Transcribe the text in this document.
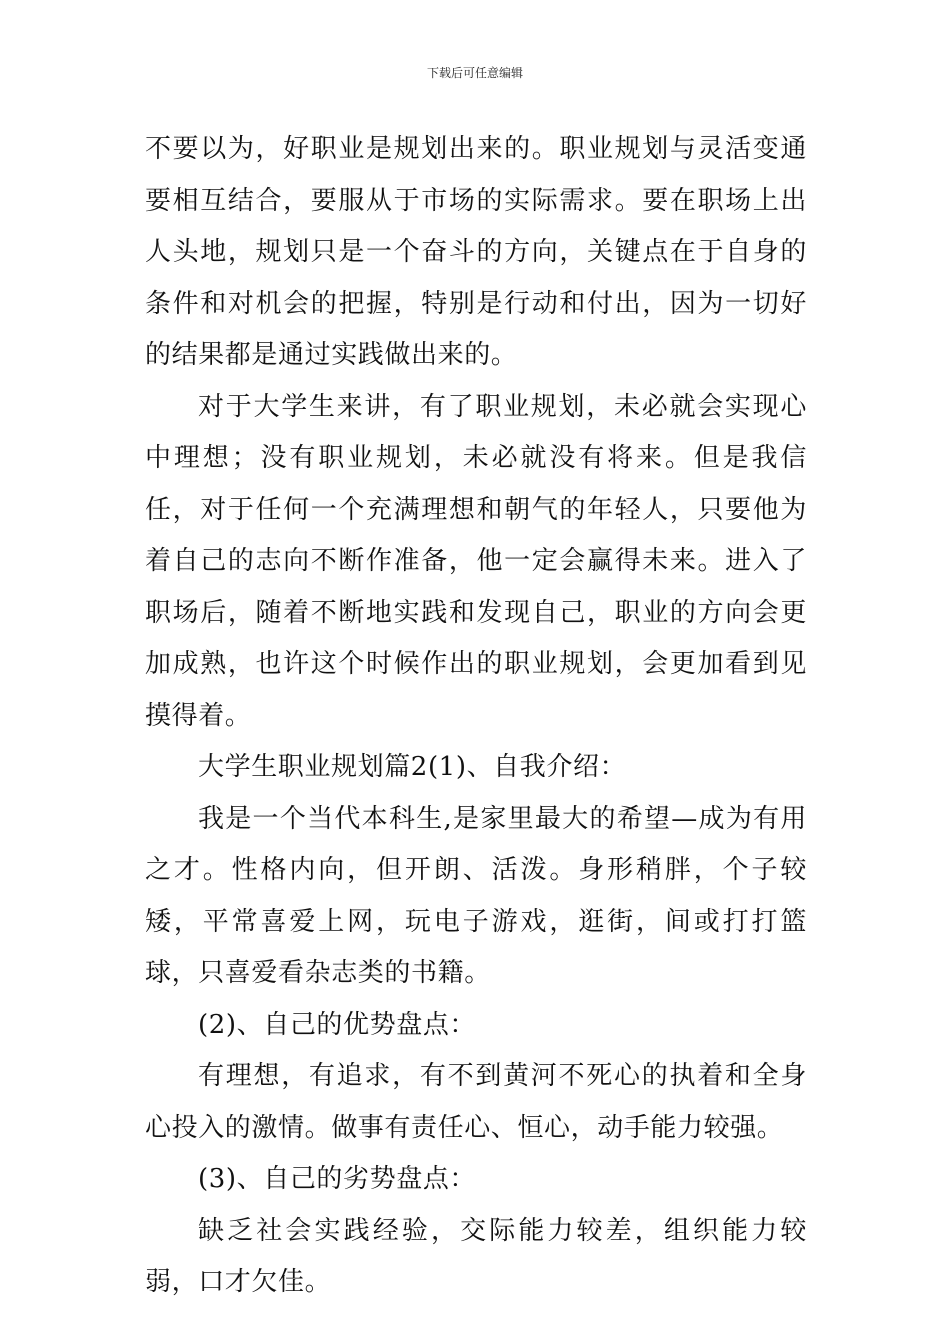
下载后可任意编辑

不要以为，好职业是规划出来的。职业规划与灵活变通要相互结合，要服从于市场的实际需求。要在职场上出人头地，规划只是一个奋斗的方向，关键点在于自身的条件和对机会的把握，特别是行动和付出，因为一切好的结果都是通过实践做出来的。

对于大学生来讲，有了职业规划，未必就会实现心中理想；没有职业规划，未必就没有将来。但是我信任，对于任何一个充满理想和朝气的年轻人，只要他为着自己的志向不断作准备，他一定会赢得未来。进入了职场后，随着不断地实践和发现自己，职业的方向会更加成熟，也许这个时候作出的职业规划，会更加看到见摸得着。

大学生职业规划篇2(1)、自我介绍：

我是一个当代本科生,是家里最大的希望—成为有用之才。性格内向，但开朗、活泼。身形稍胖，个子较矮，平常喜爱上网，玩电子游戏，逛街，间或打打篮球，只喜爱看杂志类的书籍。

(2)、自己的优势盘点：

有理想，有追求，有不到黄河不死心的执着和全身心投入的激情。做事有责任心、恒心，动手能力较强。

(3)、自己的劣势盘点：

缺乏社会实践经验，交际能力较差，组织能力较弱，口才欠佳。
